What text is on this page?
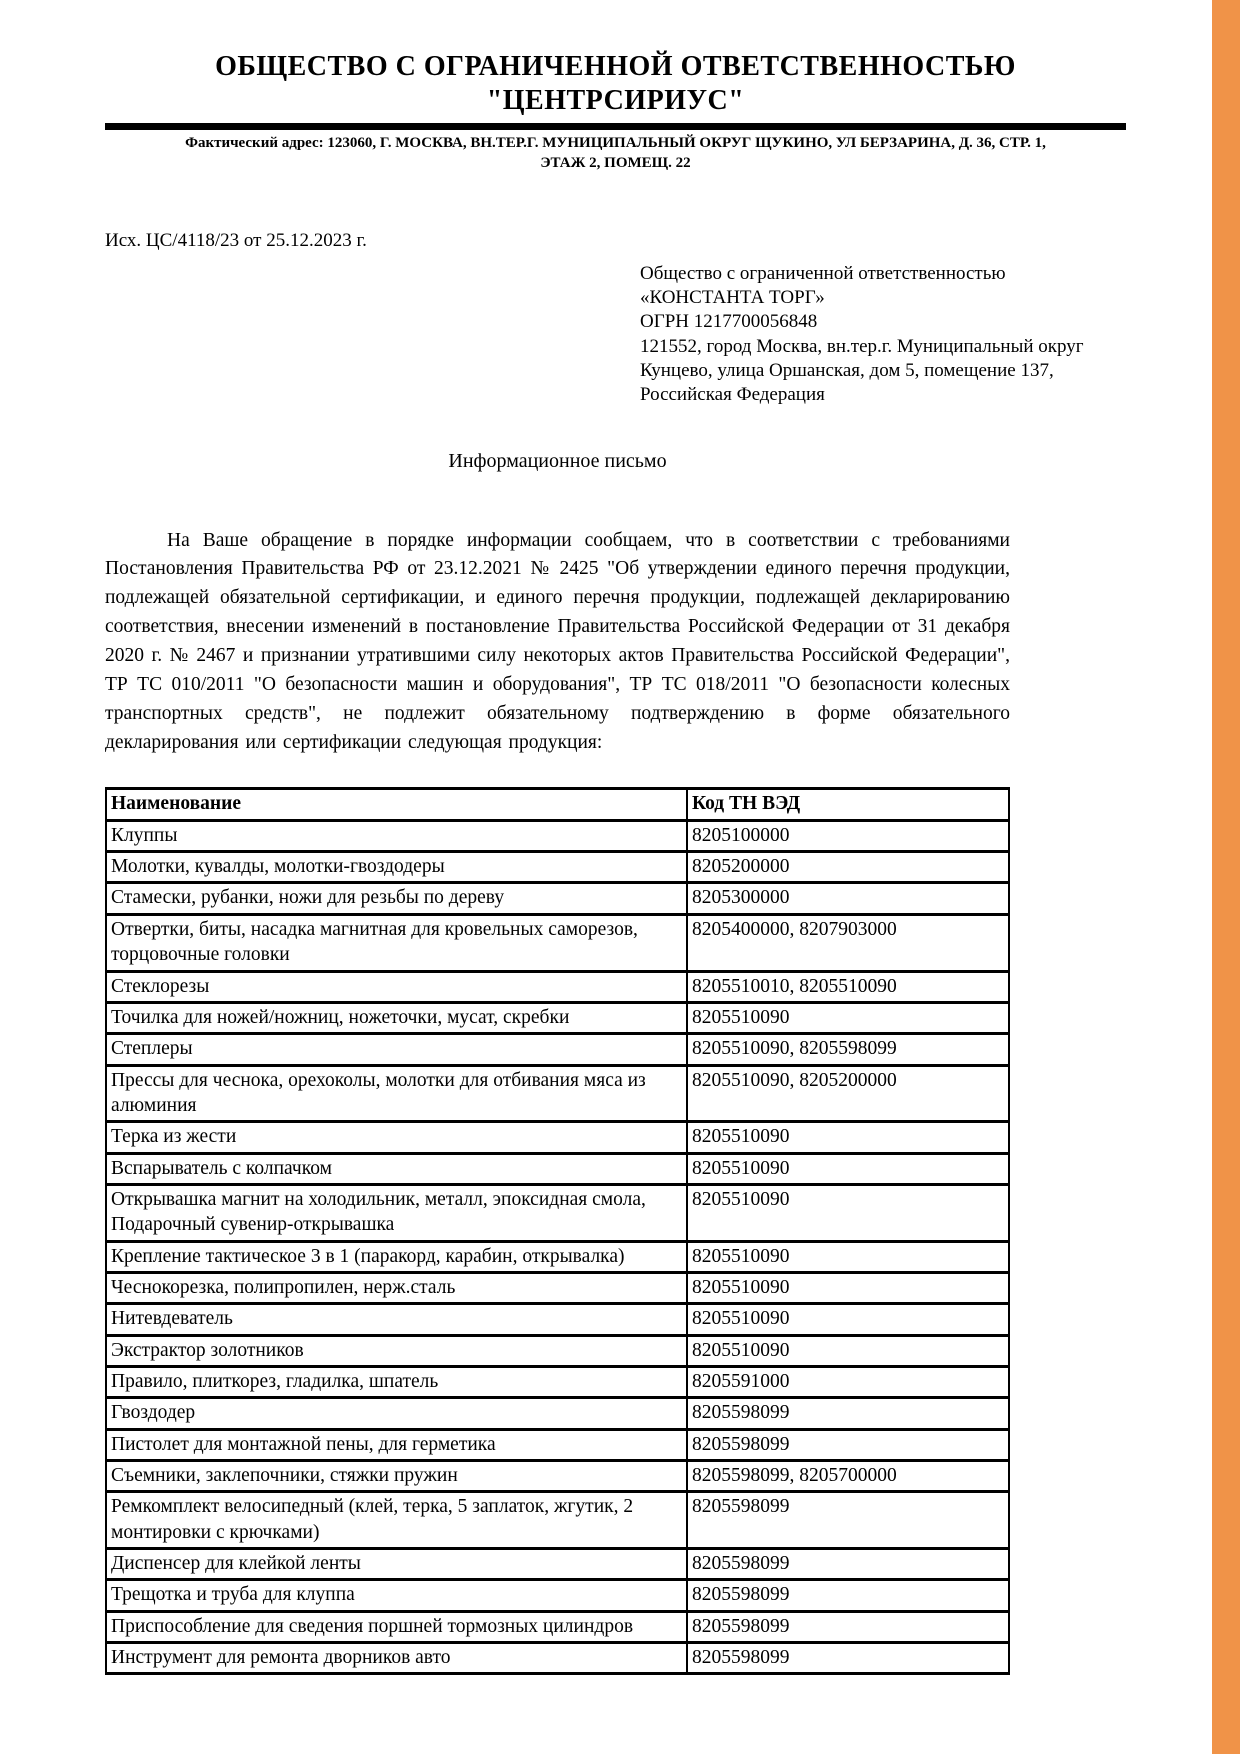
ОБЩЕСТВО С ОГРАНИЧЕННОЙ ОТВЕТСТВЕННОСТЬЮ
"ЦЕНТРСИРИУС"
Фактический адрес: 123060, Г. МОСКВА, ВН.ТЕР.Г. МУНИЦИПАЛЬНЫЙ ОКРУГ ЩУКИНО, УЛ БЕРЗАРИНА, Д. 36, СТР. 1,
ЭТАЖ 2, ПОМЕЩ. 22
Исх. ЦС/4118/23 от 25.12.2023 г.
Общество с ограниченной ответственностью
«КОНСТАНТА ТОРГ»
ОГРН 1217700056848
121552, город Москва, вн.тер.г. Муниципальный округ
Кунцево, улица Оршанская, дом 5, помещение 137,
Российская Федерация
Информационное письмо

На Ваше обращение в порядке информации сообщаем, что в соответствии с требованиями Постановления Правительства РФ от 23.12.2021 № 2425 "Об утверждении единого перечня продукции, подлежащей обязательной сертификации, и единого перечня продукции, подлежащей декларированию соответствия, внесении изменений в постановление Правительства Российской Федерации от 31 декабря 2020 г. № 2467 и признании утратившими силу некоторых актов Правительства Российской Федерации", ТР ТС 010/2011 "О безопасности машин и оборудования", ТР ТС 018/2011 "О безопасности колесных транспортных средств", не подлежит обязательному подтверждению в форме обязательного декларирования или сертификации следующая продукция:

Наименование	Код ТН ВЭД
Клуппы	8205100000
Молотки, кувалды, молотки-гвоздодеры	8205200000
Стамески, рубанки, ножи для резьбы по дереву	8205300000
Отвертки, биты, насадка магнитная для кровельных саморезов, торцовочные головки	8205400000, 8207903000
Стеклорезы	8205510010, 8205510090
Точилка для ножей/ножниц, ножеточки, мусат, скребки	8205510090
Степлеры	8205510090, 8205598099
Прессы для чеснока, орехоколы, молотки для отбивания мяса из алюминия	8205510090, 8205200000
Терка из жести	8205510090
Вспарыватель с колпачком	8205510090
Открывашка магнит на холодильник, металл, эпоксидная смола, Подарочный сувенир-открывашка	8205510090
Крепление тактическое 3 в 1 (паракорд, карабин, открывалка)	8205510090
Чеснокорезка, полипропилен, нерж.сталь	8205510090
Нитевдеватель	8205510090
Экстрактор золотников	8205510090
Правило, плиткорез, гладилка, шпатель	8205591000
Гвоздодер	8205598099
Пистолет для монтажной пены, для герметика	8205598099
Съемники, заклепочники, стяжки пружин	8205598099, 8205700000
Ремкомплект велосипедный (клей, терка, 5 заплаток, жгутик, 2 монтировки с крючками)	8205598099
Диспенсер для клейкой ленты	8205598099
Трещотка и труба для клуппа	8205598099
Приспособление для сведения поршней тормозных цилиндров	8205598099
Инструмент для ремонта дворников авто	8205598099
